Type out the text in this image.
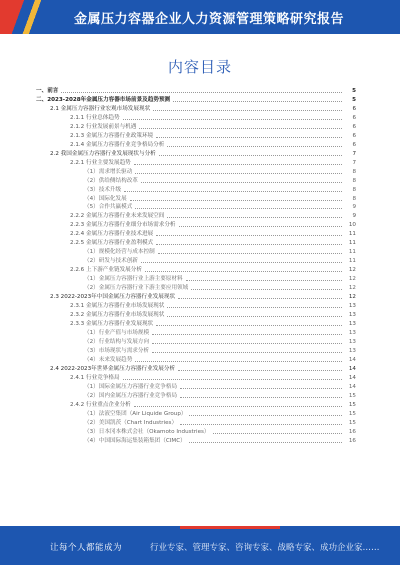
金属压力容器企业人力资源管理策略研究报告
内容目录
一、前言	5
二、2023-2028年金属压力容器市场前景及趋势预测	5
2.1 金属压力容器行业宏观市场发展现状	6
2.1.1 行业总体趋势	6
2.1.2 行业发展前景与机遇	6
2.1.3 金属压力容器行业政策环境	6
2.1.4 金属压力容器行业竞争格局分析	6
2.2 我国金属压力容器行业发展现状与分析	7
2.2.1 行业主要发展趋势	7
（1）需求增长驱动	8
（2）供给侧结构改革	8
（3）技术升级	8
（4）国际化发展	8
（5）合作共赢模式	9
2.2.2 金属压力容器行业未来发展空间	9
2.2.3 金属压力容器行业细分市场需求分析	10
2.2.4 金属压力容器行业技术进展	11
2.2.5 金属压力容器行业盈利模式	11
（1）规模化经营与成本控制	11
（2）研发与技术创新	11
2.2.6 上下游产业链发展分析	12
（1）金属压力容器行业上游主要原材料	12
（2）金属压力容器行业下游主要应用领域	12
2.3 2022-2023年中国金属压力容器行业发展现状	12
2.3.1 金属压力容器行业市场发展现状	13
2.3.2 金属压力容器行业市场发展现状	13
2.3.3 金属压力容器行业发展现状	13
（1）行业产值与市场规模	13
（2）行业结构与发展方向	13
（3）市场现状与需求分析	13
（4）未来发展趋势	14
2.4 2022-2023年世界金属压力容器行业发展分析	14
2.4.1 行业竞争格局	14
（1）国际金属压力容器行业竞争格局	14
（2）国内金属压力容器行业竞争格局	15
2.4.2 行业重点企业分析	15
（1）法液空集团（Air Liquide Group）	15
（2）美国凯茨（Chart Industries）	15
（3）日本冈本株式会社（Okamoto Industries）	16
（4）中国国际海运集装箱集团（CIMC）	16
让每个人都能成为	行业专家、管理专家、咨询专家、战略专家、成功企业家……
